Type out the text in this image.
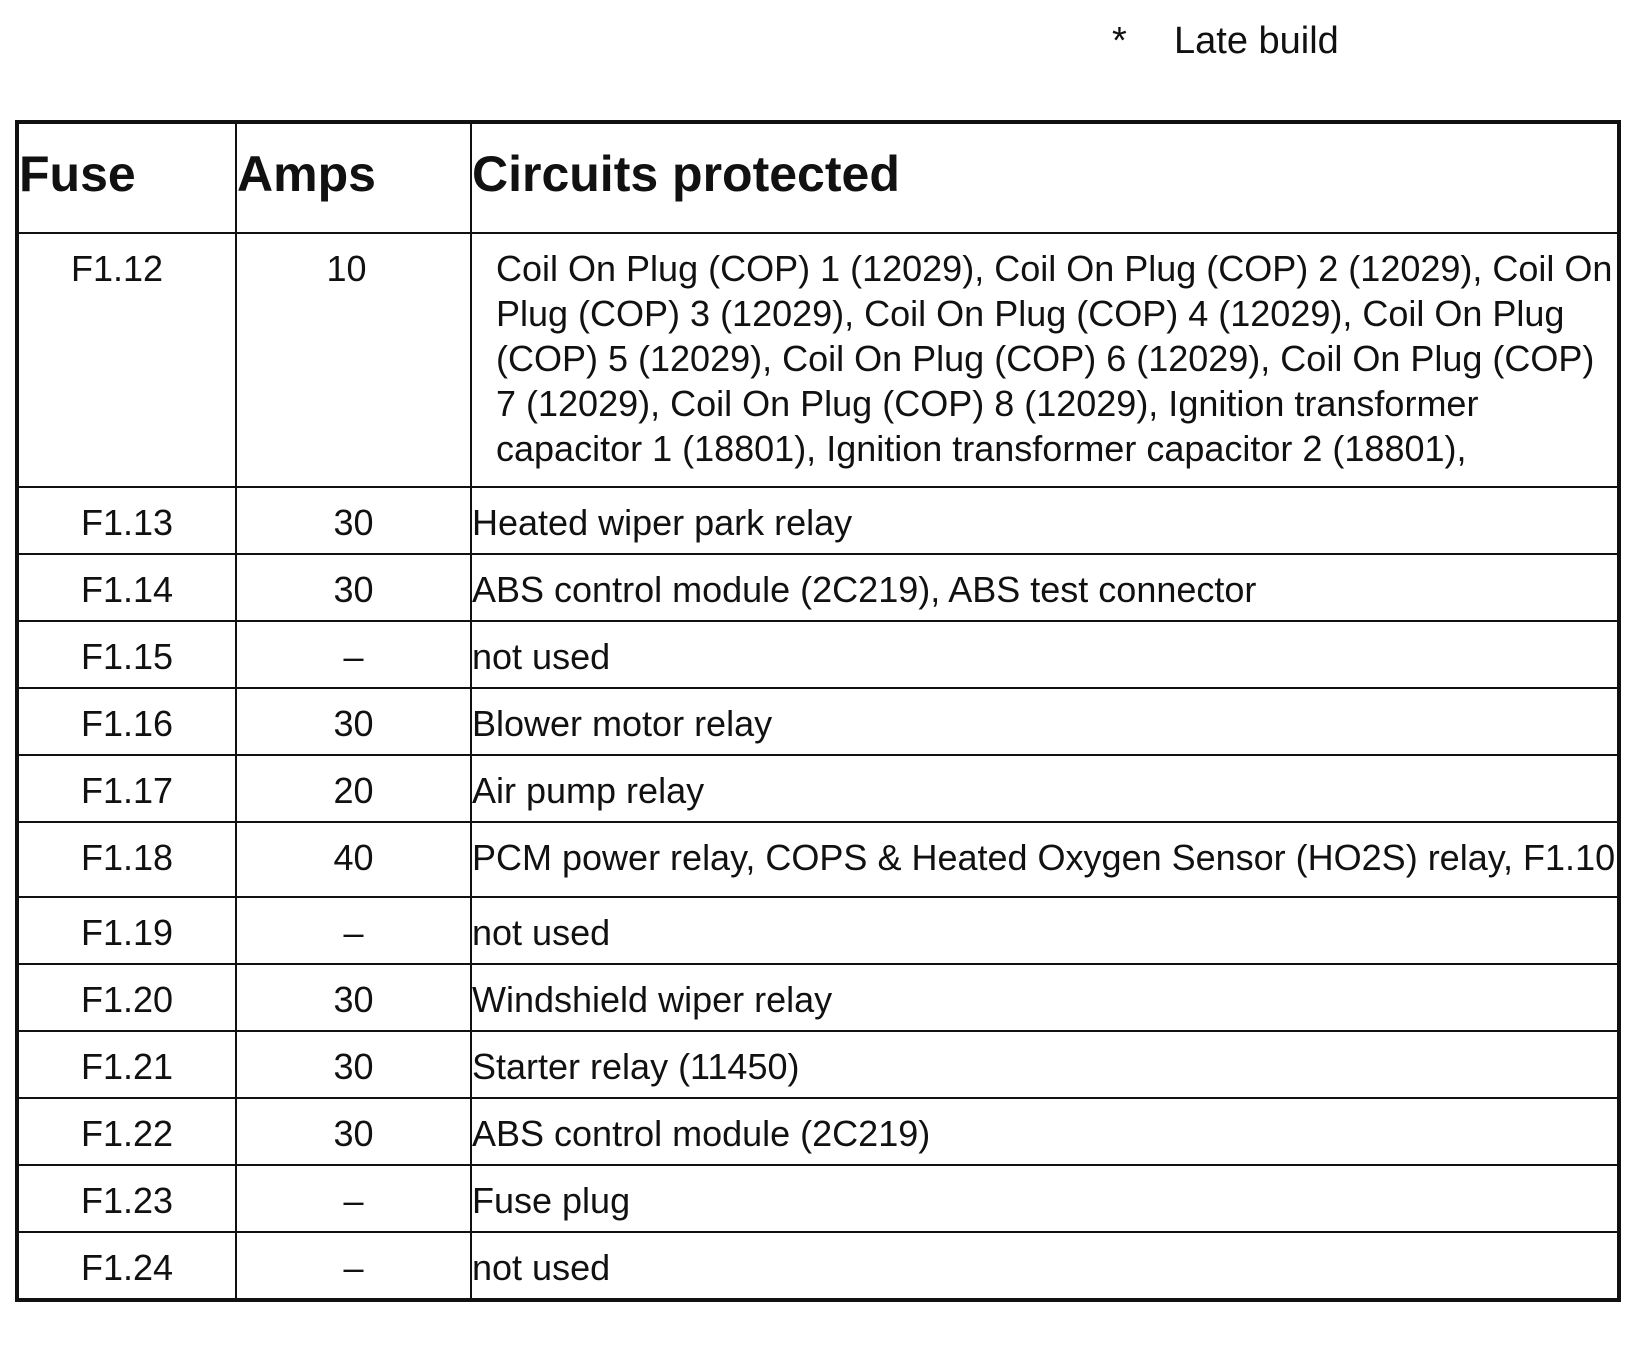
* Late build
Fuse	Amps	Circuits protected
F1.12	10	Coil On Plug (COP) 1 (12029), Coil On Plug (COP) 2 (12029), Coil On Plug (COP) 3 (12029), Coil On Plug (COP) 4 (12029), Coil On Plug (COP) 5 (12029), Coil On Plug (COP) 6 (12029), Coil On Plug (COP) 7 (12029), Coil On Plug (COP) 8 (12029), Ignition transformer capacitor 1 (18801), Ignition transformer capacitor 2 (18801),
F1.13	30	Heated wiper park relay
F1.14	30	ABS control module (2C219), ABS test connector
F1.15	–	not used
F1.16	30	Blower motor relay
F1.17	20	Air pump relay
F1.18	40	PCM power relay, COPS & Heated Oxygen Sensor (HO2S) relay, F1.10
F1.19	–	not used
F1.20	30	Windshield wiper relay
F1.21	30	Starter relay (11450)
F1.22	30	ABS control module (2C219)
F1.23	–	Fuse plug
F1.24	–	not used
